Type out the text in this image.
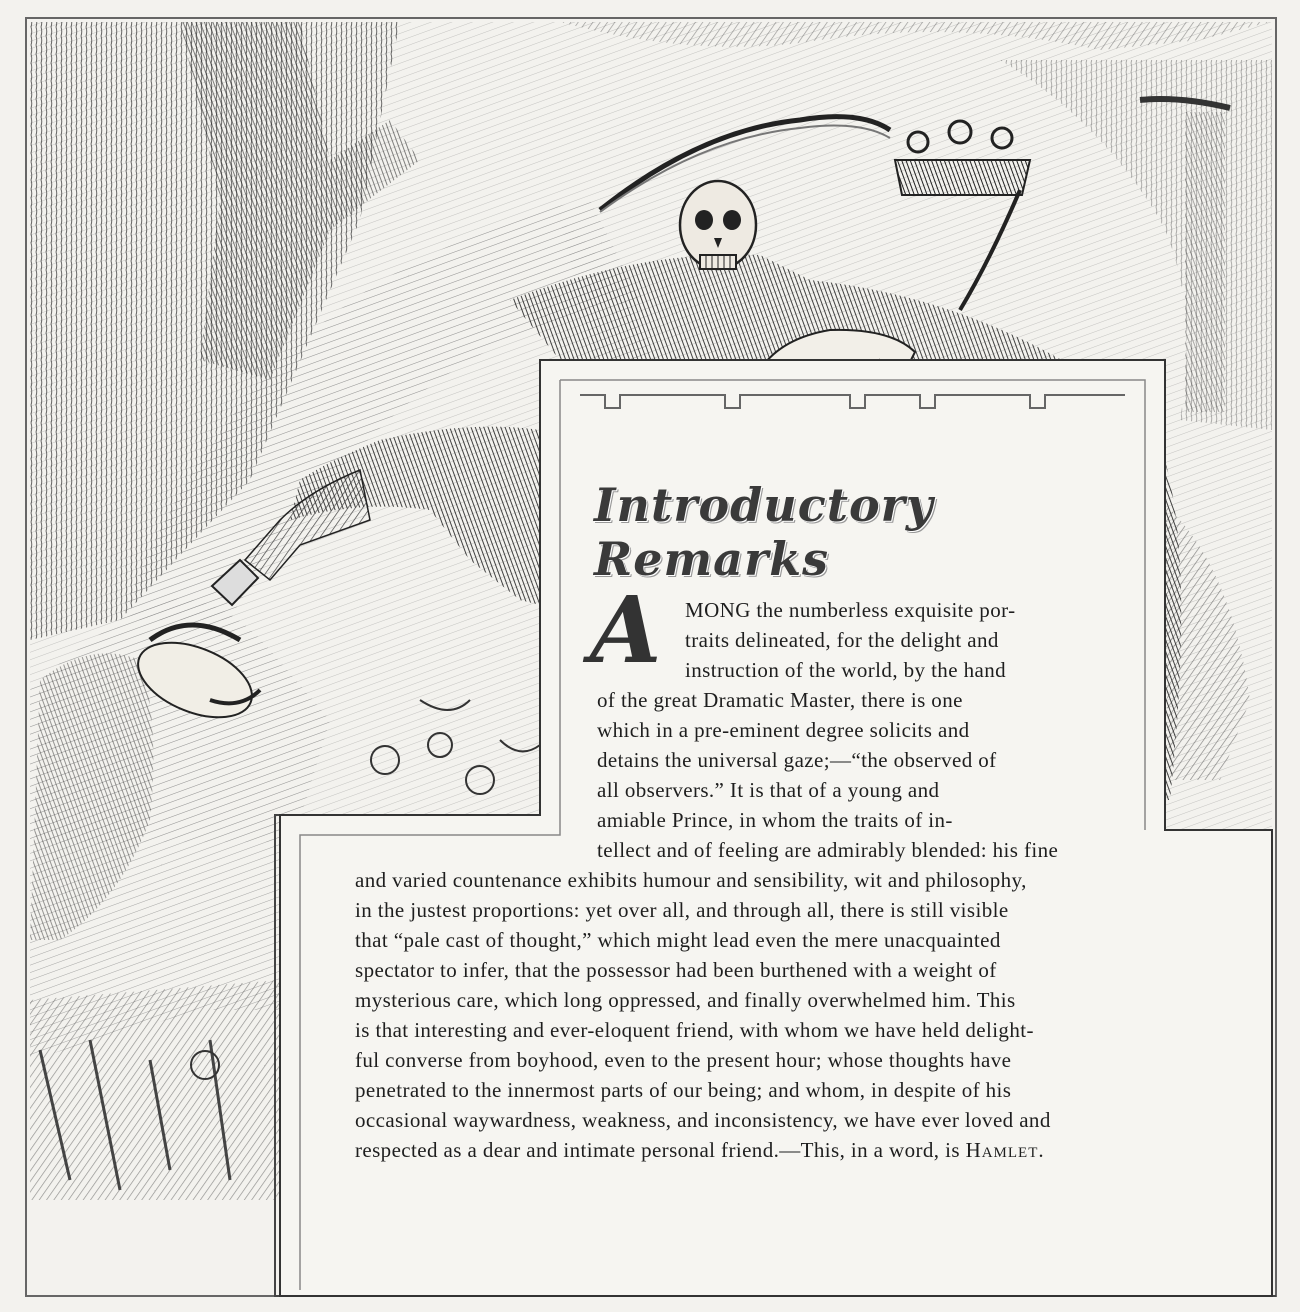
Introductory Remarks
A MONG the numberless exquisite por-
traits delineated, for the delight and
instruction of the world, by the hand
of the great Dramatic Master, there is one
which in a pre-eminent degree solicits and
detains the universal gaze;—“the observed of
all observers.” It is that of a young and
amiable Prince, in whom the traits of in-
tellect and of feeling are admirably blended: his fine
and varied countenance exhibits humour and sensibility, wit and philosophy,
in the justest proportions: yet over all, and through all, there is still visible
that “pale cast of thought,” which might lead even the mere unacquainted
spectator to infer, that the possessor had been burthened with a weight of
mysterious care, which long oppressed, and finally overwhelmed him. This
is that interesting and ever-eloquent friend, with whom we have held delight-
ful converse from boyhood, even to the present hour; whose thoughts have
penetrated to the innermost parts of our being; and whom, in despite of his
occasional waywardness, weakness, and inconsistency, we have ever loved and
respected as a dear and intimate personal friend.—This, in a word, is Hamlet.
